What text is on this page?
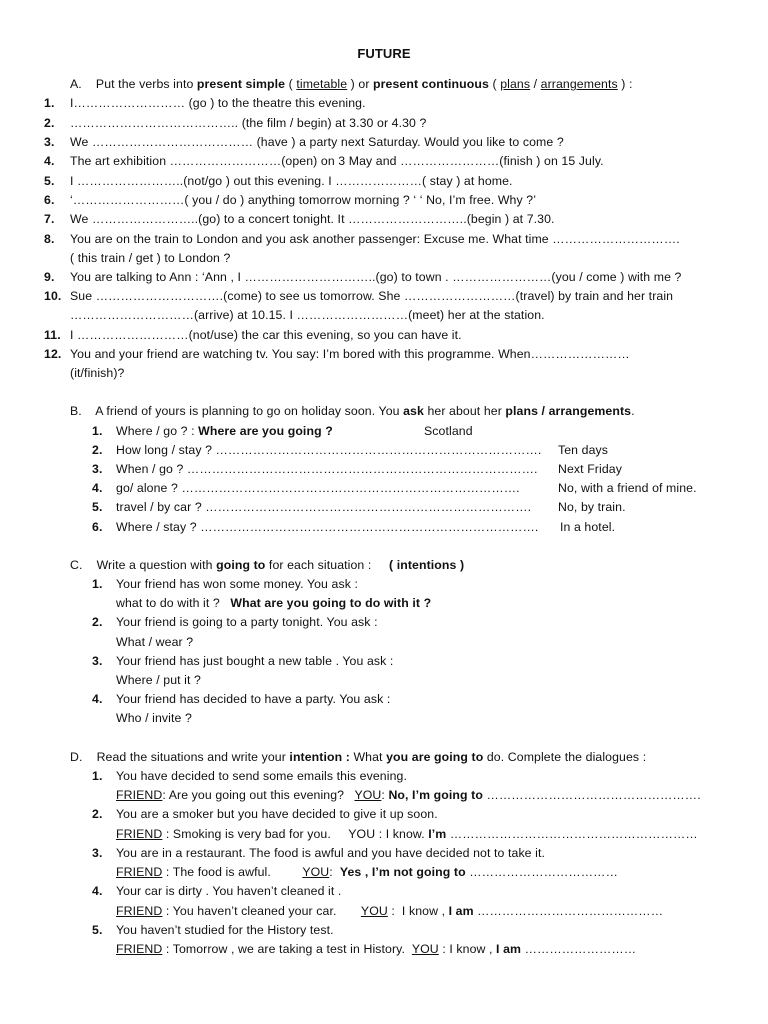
FUTURE
A. Put the verbs into present simple ( timetable ) or present continuous ( plans / arrangements ) :
1. I……………………… (go ) to the theatre this evening.
2. ………………………………….. (the film / begin) at 3.30 or 4.30 ?
3. We ………………………………… (have ) a party next Saturday. Would you like to come ?
4. The art exhibition ………………………(open) on 3 May and ……………………(finish ) on 15 July.
5. I ……………………..(not/go ) out this evening. I …………………( stay ) at home.
6. ‘………………………( you / do ) anything tomorrow morning ? ‘ ‘ No, I’m free. Why ?’
7. We ……………………..(go) to a concert tonight. It ………………………..(begin ) at 7.30.
8. You are on the train to London and you ask another passenger: Excuse me. What time ………………………….
( this train / get ) to London ?
9. You are talking to Ann : ‘Ann , I …………………………..(go) to town . ……………………(you / come ) with me ?
10. Sue ………………………….(come) to see us tomorrow. She ………………………(travel) by train and her train
…………………………(arrive) at 10.15. I ………………………(meet) her at the station.
11. I ………………………(not/use) the car this evening, so you can have it.
12. You and your friend are watching tv. You say: I’m bored with this programme. When……………………
(it/finish)?
B. A friend of yours is planning to go on holiday soon. You ask her about her plans / arrangements.
1. Where / go ? : Where are you going ?	Scotland
2. How long / stay ? ……………………………………………………………………. Ten days
3. When / go ? …………………………………………………………………………. Next Friday
4. go/ alone ? ……………………………………………………………………….	No, with a friend of mine.
5. travel / by car ? ……………………………………………………………………. No, by train.
6. Where / stay ? ………………………………………………………………………. In a hotel.
C. Write a question with going to for each situation :     ( intentions )
1. Your friend has won some money. You ask :
what to do with it ?   What are you going to do with it ?
2. Your friend is going to a party tonight. You ask :
What / wear ?
3. Your friend has just bought a new table . You ask :
Where / put it ?
4. Your friend has decided to have a party. You ask :
Who / invite ?
D. Read the situations and write your intention : What you are going to do. Complete the dialogues :
1. You have decided to send some emails this evening.
FRIEND: Are you going out this evening?   YOU: No, I’m going to …………………………………………….
2. You are a smoker but you have decided to give it up soon.
FRIEND : Smoking is very bad for you.     YOU : I know. I’m ……………………………………………………
3. You are in a restaurant. The food is awful and you have decided not to take it.
FRIEND : The food is awful.         YOU:  Yes , I’m not going to ………………………………
4. Your car is dirty . You haven’t cleaned it .
FRIEND : You haven’t cleaned your car.       YOU :  I know , I am ………………………………………
5. You haven’t studied for the History test.
FRIEND : Tomorrow , we are taking a test in History.  YOU : I know , I am ………………………
